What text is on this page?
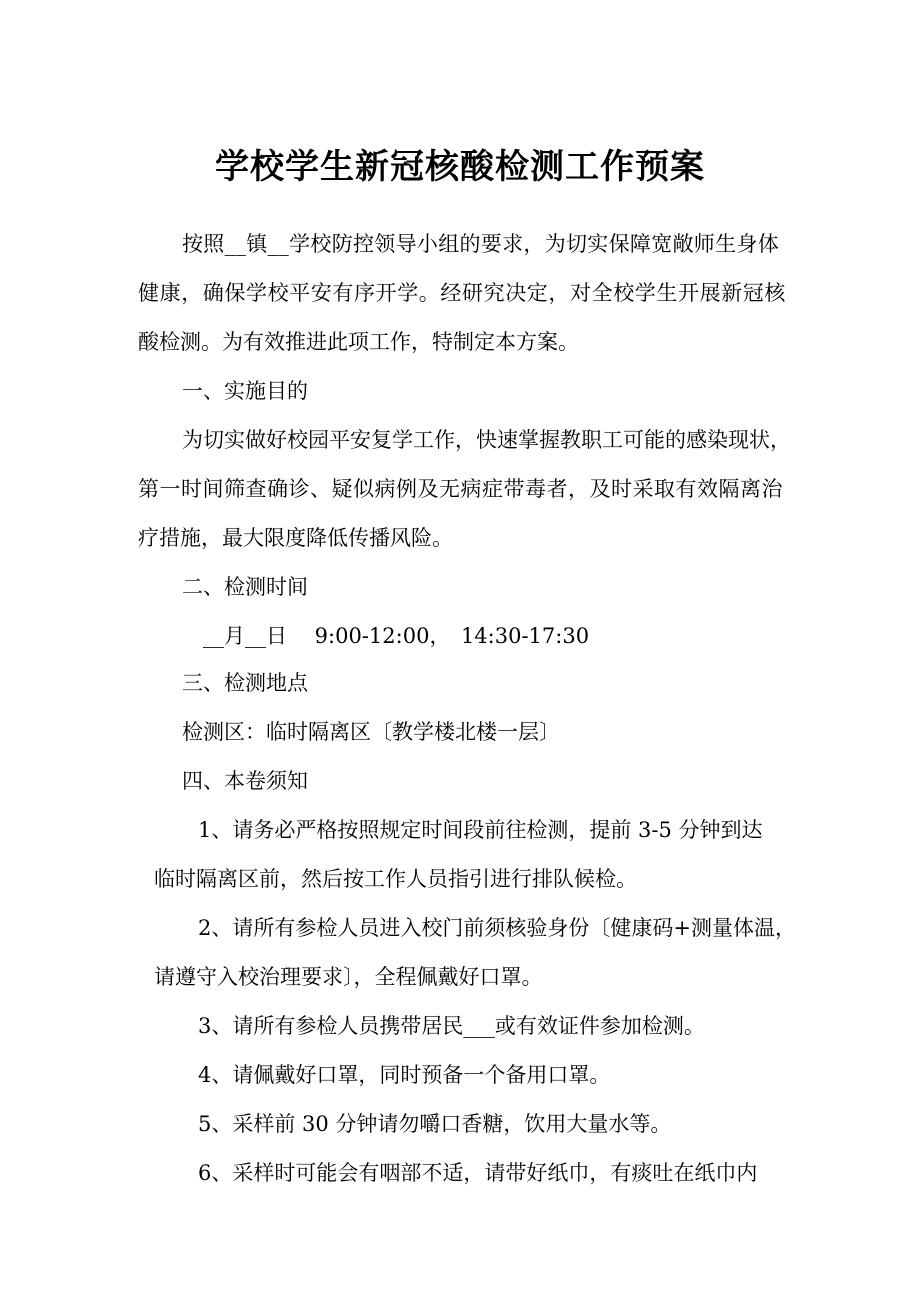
学校学生新冠核酸检测工作预案
按照__镇__学校防控领导小组的要求，为切实保障宽敞师生身体
健康，确保学校平安有序开学。经研究决定，对全校学生开展新冠核
酸检测。为有效推进此项工作，特制定本方案。
一、实施目的
为切实做好校园平安复学工作，快速掌握教职工可能的感染现状，
第一时间筛查确诊、疑似病例及无病症带毒者，及时采取有效隔离治
疗措施，最大限度降低传播风险。
二、检测时间
__月__日　 9:00-12:00，　14:30-17:30
三、检测地点
检测区：临时隔离区〔教学楼北楼一层〕
四、本卷须知
1、请务必严格按照规定时间段前往检测，提前 3-5 分钟到达
临时隔离区前，然后按工作人员指引进行排队候检。
2、请所有参检人员进入校门前须核验身份〔健康码+测量体温，
请遵守入校治理要求〕，全程佩戴好口罩。
3、请所有参检人员携带居民___或有效证件参加检测。
4、请佩戴好口罩，同时预备一个备用口罩。
5、采样前 30 分钟请勿嚼口香糖，饮用大量水等。
6、采样时可能会有咽部不适，请带好纸巾，有痰吐在纸巾内
